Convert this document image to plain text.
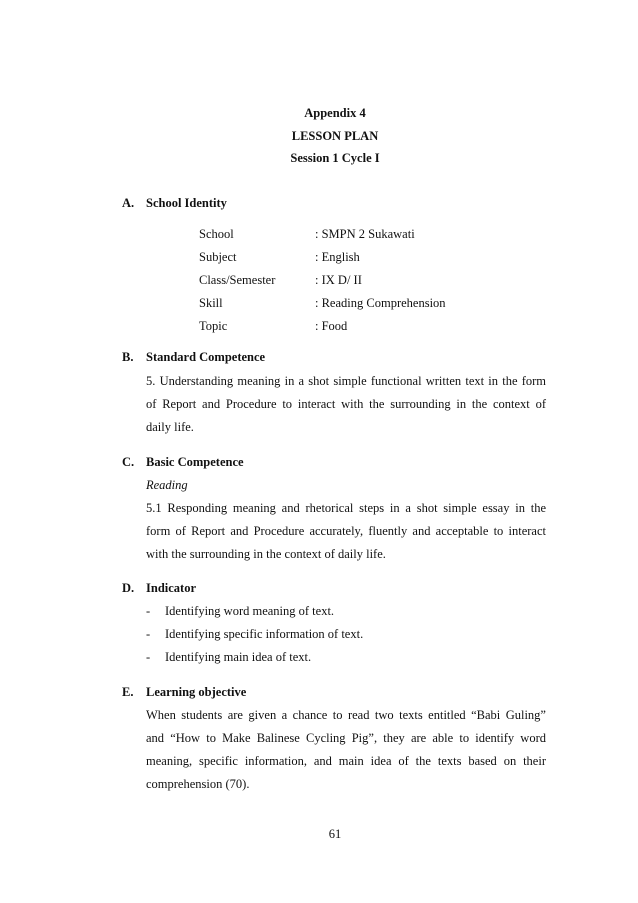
Appendix 4
LESSON PLAN
Session 1 Cycle I
A. School Identity
School	: SMPN 2 Sukawati
Subject	: English
Class/Semester	: IX D/ II
Skill	: Reading Comprehension
Topic	: Food
B. Standard Competence
5. Understanding meaning in a shot simple functional written text in the form
of Report and Procedure to interact with the surrounding in the context of
daily life.
C. Basic Competence
Reading
5.1 Responding meaning and rhetorical steps in a shot simple essay in the
form of Report and Procedure accurately, fluently and acceptable to interact
with the surrounding in the context of daily life.
D. Indicator
- Identifying word meaning of text.
- Identifying specific information of text.
- Identifying main idea of text.
E. Learning objective
When students are given a chance to read two texts entitled “Babi Guling”
and “How to Make Balinese Cycling Pig”, they are able to identify word
meaning, specific information, and main idea of the texts based on their
comprehension (70).
61
